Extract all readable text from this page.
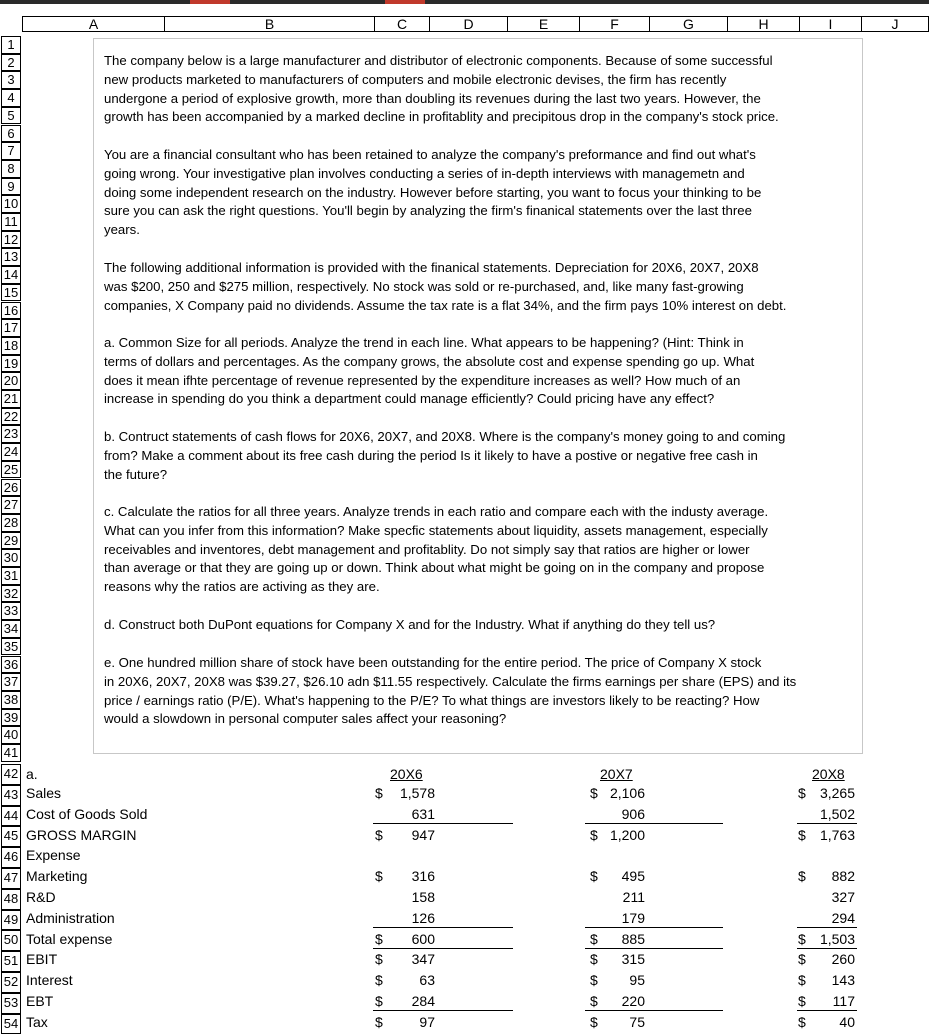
A	B	C	D	E	F	G	H	I	J
1
2
3
4
5
6
7
8
9
10
11
12
13
14
15
16
17
18
19
20
21
22
23
24
25
26
27
28
29
30
31
32
33
34
35
36
37
38
39
40
41
42
43
44
45
46
47
48
49
50
51
52
53
54
The company below is a large manufacturer and distributor of electronic components. Because of some successful
new products marketed to manufacturers of computers and mobile electronic devises, the firm has recently
undergone a period of explosive growth, more than doubling its revenues during the last two years. However, the
growth has been accompanied by a marked decline in profitablity and precipitous drop in the company's stock price.
You are a financial consultant who has been retained to analyze the company's preformance and find out what's
going wrong. Your investigative plan involves conducting a series of in-depth interviews with managemetn and
doing some independent research on the industry. However before starting, you want to focus your thinking to be
sure you can ask the right questions. You'll begin by analyzing the firm's finanical statements over the last three
years.
The following additional information is provided with the finanical statements. Depreciation for 20X6, 20X7, 20X8
was $200, 250 and $275 million, respectively. No stock was sold or re-purchased, and, like many fast-growing
companies, X Company paid no dividends. Assume the tax rate is a flat 34%, and the firm pays 10% interest on debt.
a. Common Size for all periods. Analyze the trend in each line. What appears to be happening? (Hint: Think in
terms of dollars and percentages. As the company grows, the absolute cost and expense spending go up. What
does it mean ifhte percentage of revenue represented by the expenditure increases as well? How much of an
increase in spending do you think a department could manage efficiently? Could pricing have any effect?
b. Contruct statements of cash flows for 20X6, 20X7, and 20X8. Where is the company's money going to and coming
from? Make a comment about its free cash during the period Is it likely to have a postive or negative free cash in
the future?
c. Calculate the ratios for all three years. Analyze trends in each ratio and compare each with the industy average.
What can you infer from this information? Make specfic statements about liquidity, assets management, especially
receivables and inventores, debt management and profitablity. Do not simply say that ratios are higher or lower
than average or that they are going up or down. Think about what might be going on in the company and propose
reasons why the ratios are activing as they are.
d. Construct both DuPont equations for Company X and for the Industry. What if anything do they tell us?
e. One hundred million share of stock have been outstanding for the entire period. The price of Company X stock
in 20X6, 20X7, 20X8 was $39.27, $26.10 adn $11.55 respectively. Calculate the firms earnings per share (EPS) and its
price / earnings ratio (P/E). What's happening to the P/E? To what things are investors likely to be reacting? How
would a slowdown in personal computer sales affect your reasoning?
a.	20X6	20X7	20X8
Sales	$	1,578	$ 2,106	$	3,265
Cost of Goods Sold	631	906	1,502
GROSS MARGIN	$	947	$ 1,200	$	1,763
Expense
Marketing	$	316	$	495	$	882
R&D	158	211	327
Administration	126	179	294
Total expense	$	600	$	885	$	1,503
EBIT	$	347	$	315	$	260
Interest	$	63	$	95	$	143
EBT	$	284	$	220	$	117
Tax	$	97	$	75	$	40
